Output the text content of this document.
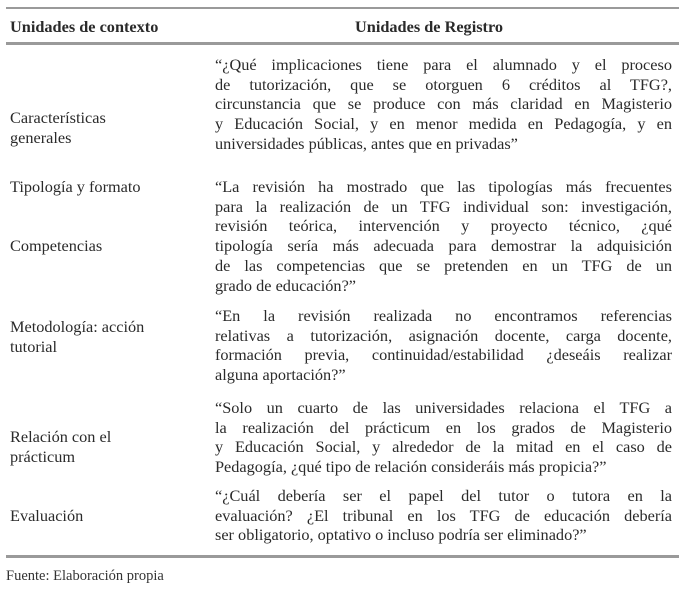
Unidades de contexto	Unidades de Registro
Características
generales
“¿Qué implicaciones tiene para el alumnado y el proceso
de tutorización, que se otorguen 6 créditos al TFG?,
circunstancia que se produce con más claridad en Magisterio
y Educación Social, y en menor medida en Pedagogía, y en
universidades públicas, antes que en privadas”
Tipología y formato
Competencias
“La revisión ha mostrado que las tipologías más frecuentes
para la realización de un TFG individual son: investigación,
revisión teórica, intervención y proyecto técnico, ¿qué
tipología sería más adecuada para demostrar la adquisición
de las competencias que se pretenden en un TFG de un
grado de educación?”
Metodología: acción
tutorial
“En la revisión realizada no encontramos referencias
relativas a tutorización, asignación docente, carga docente,
formación previa, continuidad/estabilidad ¿deseáis realizar
alguna aportación?”
Relación con el
prácticum
“Solo un cuarto de las universidades relaciona el TFG a
la realización del prácticum en los grados de Magisterio
y Educación Social, y alrededor de la mitad en el caso de
Pedagogía, ¿qué tipo de relación consideráis más propicia?”
Evaluación
“¿Cuál debería ser el papel del tutor o tutora en la
evaluación? ¿El tribunal en los TFG de educación debería
ser obligatorio, optativo o incluso podría ser eliminado?”
Fuente: Elaboración propia
